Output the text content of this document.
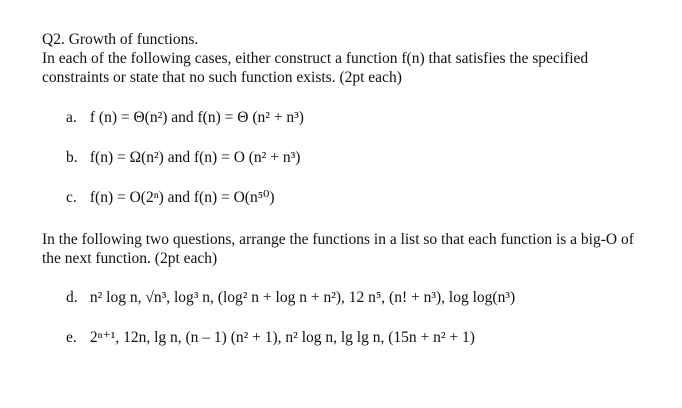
Q2. Growth of functions.
In each of the following cases, either construct a function f(n) that satisfies the specified
constraints or state that no such function exists. (2pt each)
a. f (n) = Θ(n²) and f(n) = Θ (n² + n³)
b. f(n) = Ω(n²) and f(n) = O (n² + n³)
c. f(n) = O(2ⁿ) and f(n) = O(n⁵⁰)
In the following two questions, arrange the functions in a list so that each function is a big-O of
the next function. (2pt each)
d. n² log n, √n³, log³ n, (log² n + log n + n²), 12 n⁵, (n! + n³), log log(n³)
e. 2ⁿ⁺¹, 12n, lg n, (n – 1) (n² + 1), n² log n, lg lg n, (15n + n² + 1)
